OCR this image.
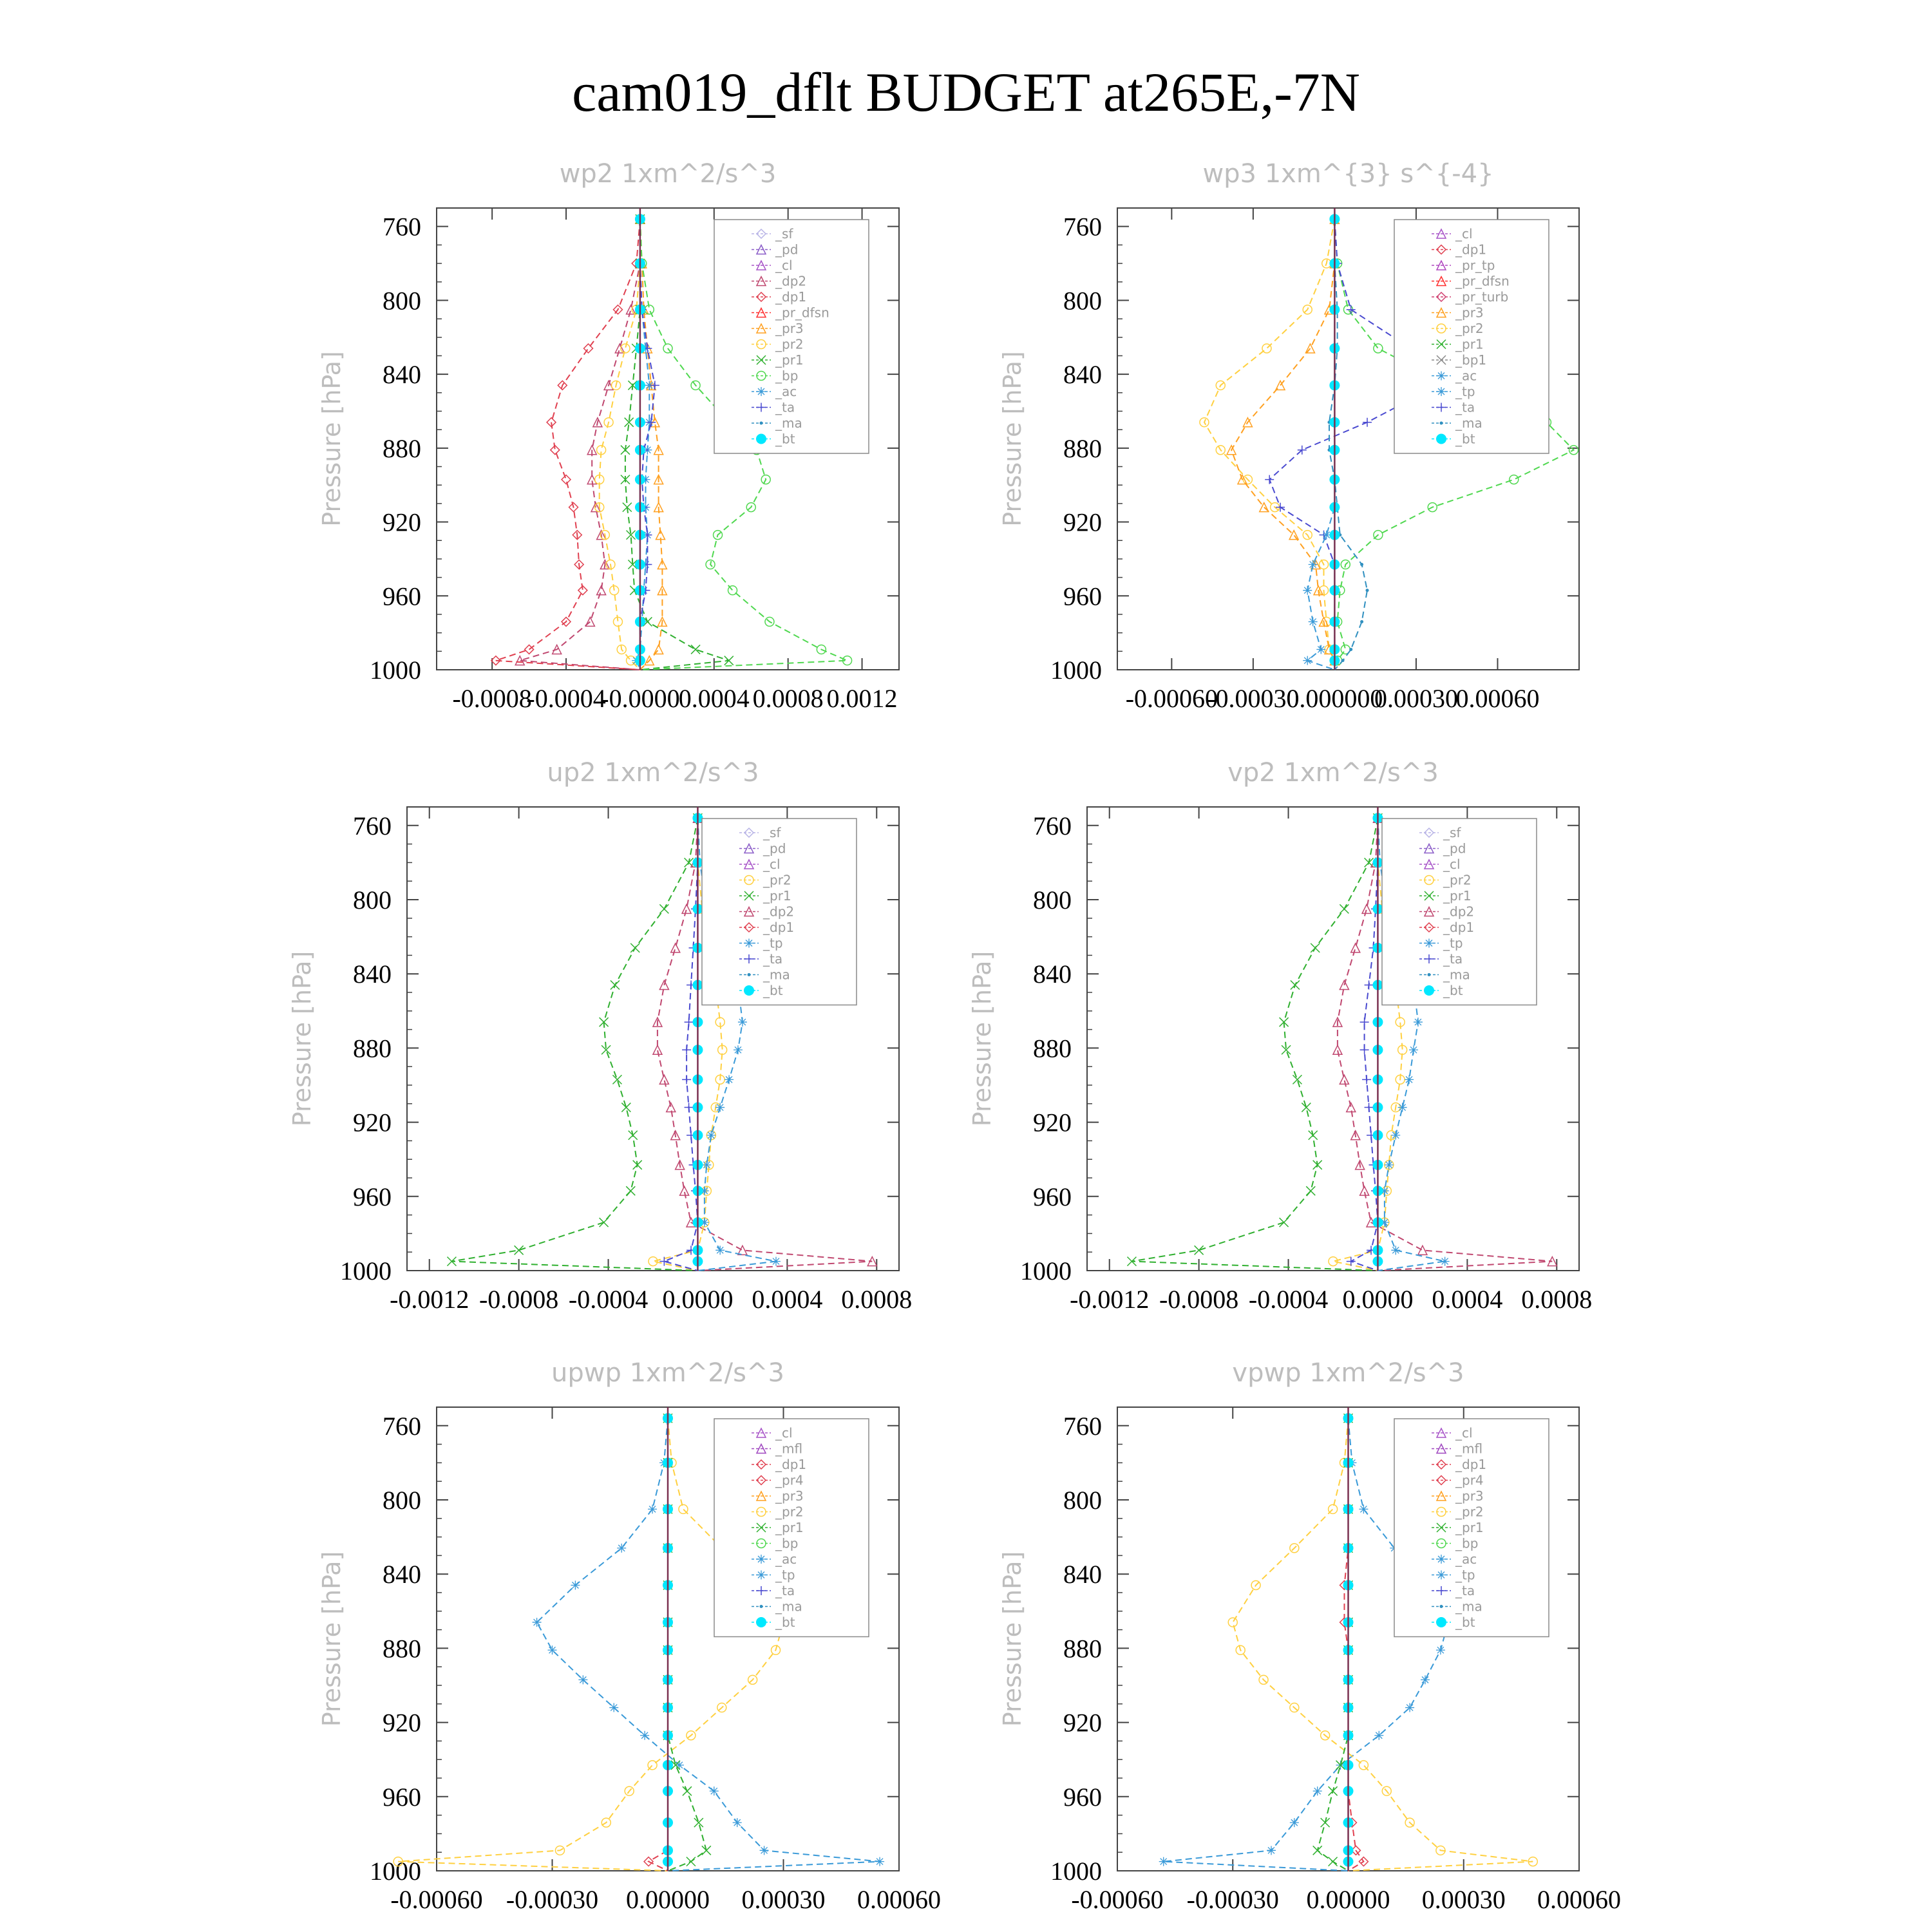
cam019_dflt BUDGET at265E,-7N
wp2 1xm^2/s^3
Pressure [hPa]
760
800
840
880
920
960
1000
-0.0008
-0.0004
-0.0000
0.0004 0.0008 0.0012
_sf
_pd
_cl
_dp2
_dp1
_pr_dfsn
_pr3
_pr2
_pr1
_bp
_ac
_ta
_ma
_bt
wp3 1xm^{3} s^{-4}
Pressure [hPa]
760
800
840
880
920
960
1000
-0.00060
-0.00030
0.000000
0.00030
0.00060
_cl
_dp1
_pr_tp
_pr_dfsn
_pr_turb
_pr3
_pr2
_pr1
_bp1
_ac
_tp
_ta
_ma
_bt
up2 1xm^2/s^3
Pressure [hPa]
760
800
840
880
920
960
1000
-0.0012 -0.0008 -0.0004 0.0000 0.0004 0.0008
_sf
_pd
_cl
_pr2
_pr1
_dp2
_dp1
_tp
_ta
_ma
_bt
vp2 1xm^2/s^3
Pressure [hPa]
760
800
840
880
920
960
1000
-0.0012 -0.0008 -0.0004 0.0000 0.0004 0.0008
_sf
_pd
_cl
_pr2
_pr1
_dp2
_dp1
_tp
_ta
_ma
_bt
upwp 1xm^2/s^3
Pressure [hPa]
760
800
840
880
920
960
1000
-0.00060 -0.00030 0.00000 0.00030 0.00060
_cl
_mfl
_dp1
_pr4
_pr3
_pr2
_pr1
_bp
_ac
_tp
_ta
_ma
_bt
vpwp 1xm^2/s^3
Pressure [hPa]
760
800
840
880
920
960
1000
-0.00060 -0.00030 0.00000 0.00030 0.00060
_cl
_mfl
_dp1
_pr4
_pr3
_pr2
_pr1
_bp
_ac
_tp
_ta
_ma
_bt
